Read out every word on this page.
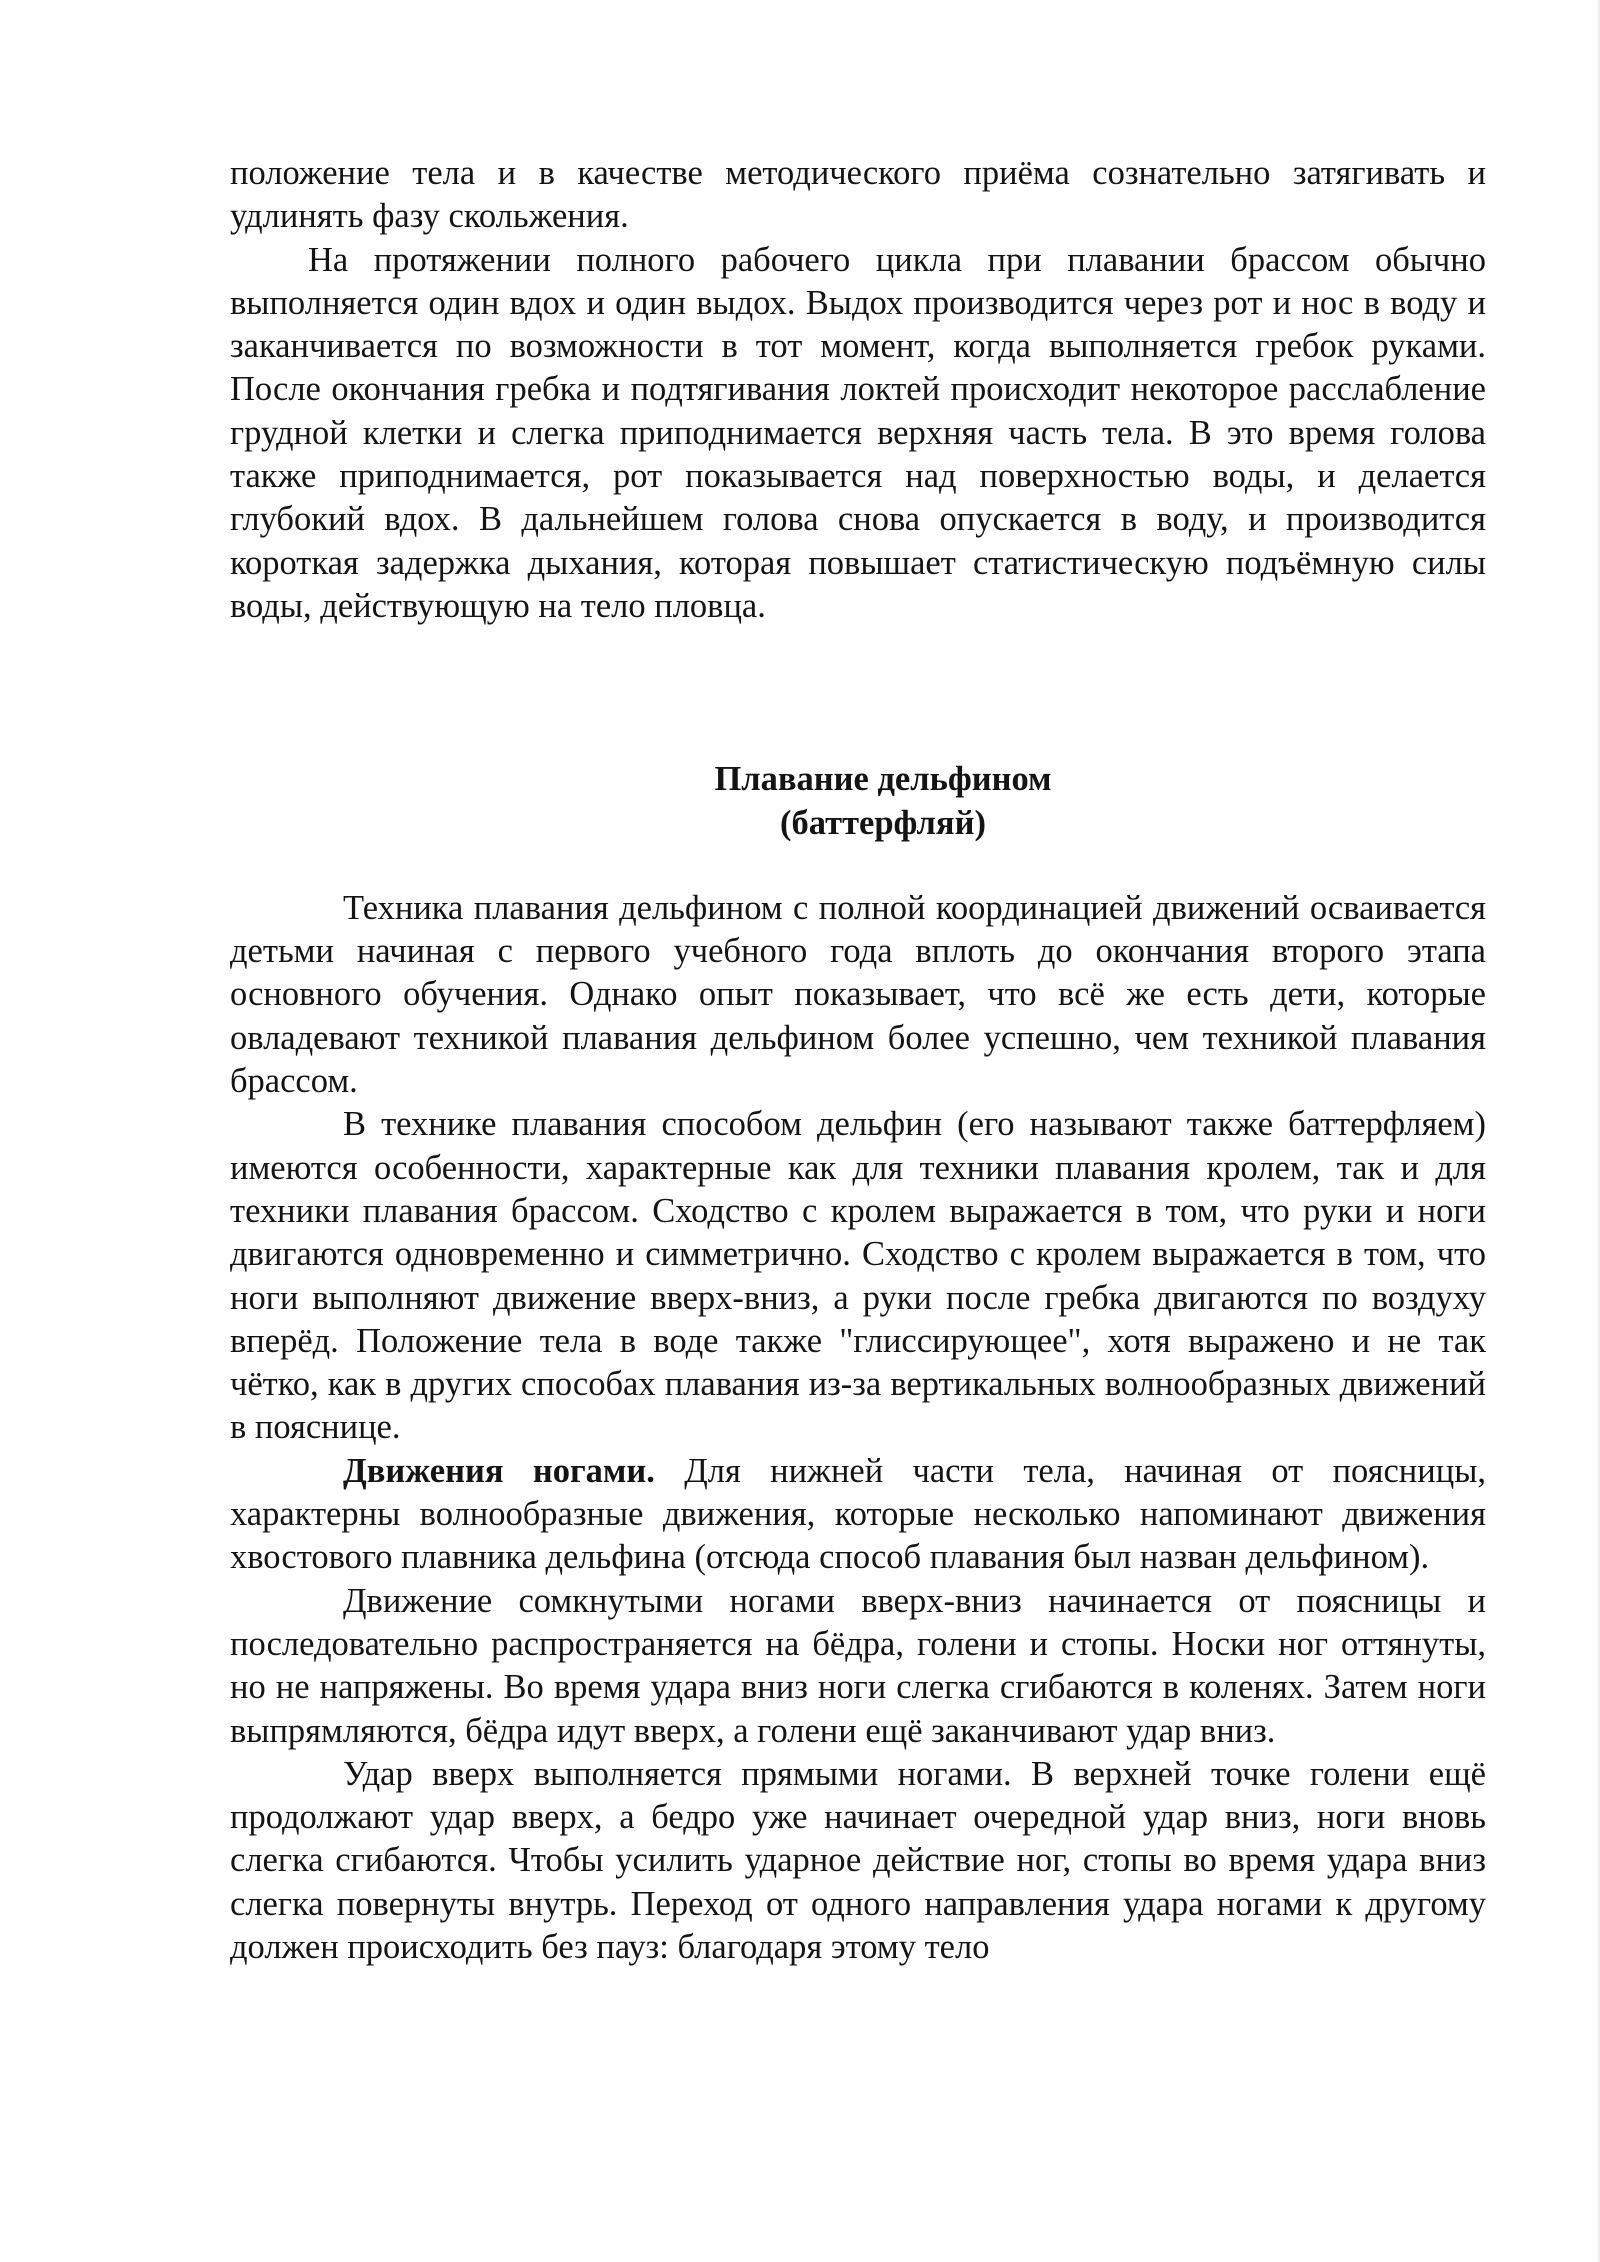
положение тела и в качестве методического приёма сознательно затягивать и удлинять фазу скольжения.

На протяжении полного рабочего цикла при плавании брассом обычно выполняется один вдох и один выдох. Выдох производится через рот и нос в воду и заканчивается по возможности в тот момент, когда выполняется гребок руками. После окончания гребка и подтягивания локтей происходит некоторое расслабление грудной клетки и слегка приподнимается верхняя часть тела. В это время голова также приподнимается, рот показывается над поверхностью воды, и делается глубокий вдох. В дальнейшем голова снова опускается в воду, и производится короткая задержка дыхания, которая повышает статистическую подъёмную силы воды, действующую на тело пловца.

Плавание дельфином
(баттерфляй)

Техника плавания дельфином с полной координацией движений осваивается детьми начиная с первого учебного года вплоть до окончания второго этапа основного обучения. Однако опыт показывает, что всё же есть дети, которые овладевают техникой плавания дельфином более успешно, чем техникой плавания брассом.

В технике плавания способом дельфин (его называют также баттерфляем) имеются особенности, характерные как для техники плавания кролем, так и для техники плавания брассом. Сходство с кролем выражается в том, что руки и ноги двигаются одновременно и симметрично. Сходство с кролем выражается в том, что ноги выполняют движение вверх-вниз, а руки после гребка двигаются по воздуху вперёд. Положение тела в воде также "глиссирующее", хотя выражено и не так чётко, как в других способах плавания из-за вертикальных волнообразных движений в пояснице.

Движения ногами. Для нижней части тела, начиная от поясницы, характерны волнообразные движения, которые несколько напоминают движения хвостового плавника дельфина (отсюда способ плавания был назван дельфином).

Движение сомкнутыми ногами вверх-вниз начинается от поясницы и последовательно распространяется на бёдра, голени и стопы. Носки ног оттянуты, но не напряжены. Во время удара вниз ноги слегка сгибаются в коленях. Затем ноги выпрямляются, бёдра идут вверх, а голени ещё заканчивают удар вниз.

Удар вверх выполняется прямыми ногами. В верхней точке голени ещё продолжают удар вверх, а бедро уже начинает очередной удар вниз, ноги вновь слегка сгибаются. Чтобы усилить ударное действие ног, стопы во время удара вниз слегка повернуты внутрь. Переход от одного направления удара ногами к другому должен происходить без пауз: благодаря этому тело
